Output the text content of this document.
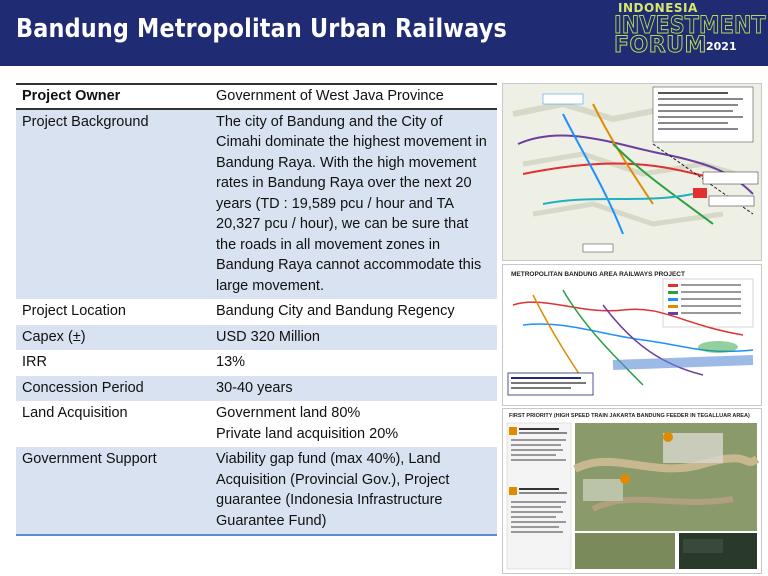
Bandung Metropolitan Urban Railways
INDONESIA
INVESTMENT
FORUM 2021
Project Owner	Government of West Java Province
Project Background	The city of Bandung and the City of Cimahi dominate the highest movement in Bandung Raya. With the high movement rates in Bandung Raya over the next 20 years (TD : 19,589 pcu / hour and TA 20,327 pcu / hour), we can be sure that the roads in all movement zones in Bandung Raya cannot accommodate this large movement.
Project Location	Bandung City and Bandung Regency
Capex (±)	USD 320 Million
IRR	13%
Concession Period	30-40 years
Land Acquisition	Government land 80%
Private land acquisition 20%

Government Support	Viability gap fund (max 40%), Land Acquisition (Provincial Gov.), Project guarantee (Indonesia Infrastructure Guarantee Fund)
METROPOLITAN BANDUNG AREA RAILWAYS PROJECT
FIRST PRIORITY (HIGH SPEED TRAIN JAKARTA BANDUNG FEEDER IN TEGALLUAR AREA)
